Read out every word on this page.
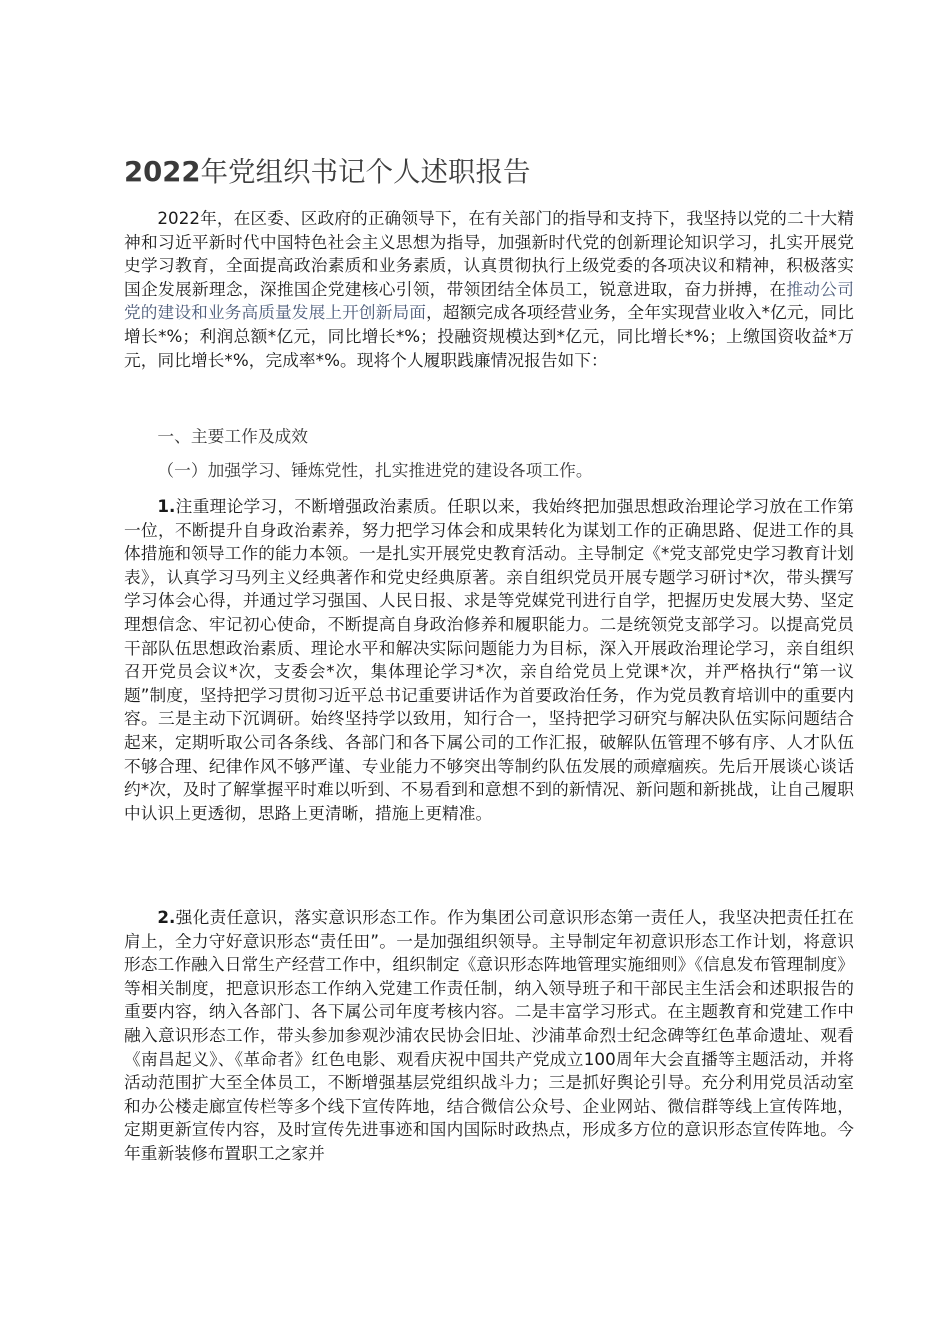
2022年党组织书记个人述职报告

2022年，在区委、区政府的正确领导下，在有关部门的指导和支持下，我坚持以党的二十大精神和习近平新时代中国特色社会主义思想为指导，加强新时代党的创新理论知识学习，扎实开展党史学习教育，全面提高政治素质和业务素质，认真贯彻执行上级党委的各项决议和精神，积极落实国企发展新理念，深推国企党建核心引领，带领团结全体员工，锐意进取，奋力拼搏，在推动公司党的建设和业务高质量发展上开创新局面，超额完成各项经营业务，全年实现营业收入*亿元，同比增长*%；利润总额*亿元，同比增长*%；投融资规模达到*亿元，同比增长*%；上缴国资收益*万元，同比增长*%，完成率*%。现将个人履职践廉情况报告如下：

一、主要工作及成效

（一）加强学习、锤炼党性，扎实推进党的建设各项工作。

1.注重理论学习，不断增强政治素质。任职以来，我始终把加强思想政治理论学习放在工作第一位，不断提升自身政治素养，努力把学习体会和成果转化为谋划工作的正确思路、促进工作的具体措施和领导工作的能力本领。一是扎实开展党史教育活动。主导制定《*党支部党史学习教育计划表》，认真学习马列主义经典著作和党史经典原著。亲自组织党员开展专题学习研讨*次，带头撰写学习体会心得，并通过学习强国、人民日报、求是等党媒党刊进行自学，把握历史发展大势、坚定理想信念、牢记初心使命，不断提高自身政治修养和履职能力。二是统领党支部学习。以提高党员干部队伍思想政治素质、理论水平和解决实际问题能力为目标，深入开展政治理论学习，亲自组织召开党员会议*次，支委会*次，集体理论学习*次，亲自给党员上党课*次，并严格执行“第一议题”制度，坚持把学习贯彻习近平总书记重要讲话作为首要政治任务，作为党员教育培训中的重要内容。三是主动下沉调研。始终坚持学以致用，知行合一，坚持把学习研究与解决队伍实际问题结合起来，定期听取公司各条线、各部门和各下属公司的工作汇报，破解队伍管理不够有序、人才队伍不够合理、纪律作风不够严谨、专业能力不够突出等制约队伍发展的顽瘴痼疾。先后开展谈心谈话约*次，及时了解掌握平时难以听到、不易看到和意想不到的新情况、新问题和新挑战，让自己履职中认识上更透彻，思路上更清晰，措施上更精准。

2.强化责任意识，落实意识形态工作。作为集团公司意识形态第一责任人，我坚决把责任扛在肩上，全力守好意识形态“责任田”。一是加强组织领导。主导制定年初意识形态工作计划，将意识形态工作融入日常生产经营工作中，组织制定《意识形态阵地管理实施细则》《信息发布管理制度》等相关制度，把意识形态工作纳入党建工作责任制，纳入领导班子和干部民主生活会和述职报告的重要内容，纳入各部门、各下属公司年度考核内容。二是丰富学习形式。在主题教育和党建工作中融入意识形态工作，带头参加参观沙浦农民协会旧址、沙浦革命烈士纪念碑等红色革命遗址、观看《南昌起义》、《革命者》红色电影、观看庆祝中国共产党成立100周年大会直播等主题活动，并将活动范围扩大至全体员工，不断增强基层党组织战斗力；三是抓好舆论引导。充分利用党员活动室和办公楼走廊宣传栏等多个线下宣传阵地，结合微信公众号、企业网站、微信群等线上宣传阵地，定期更新宣传内容，及时宣传先进事迹和国内国际时政热点，形成多方位的意识形态宣传阵地。今年重新装修布置职工之家并
